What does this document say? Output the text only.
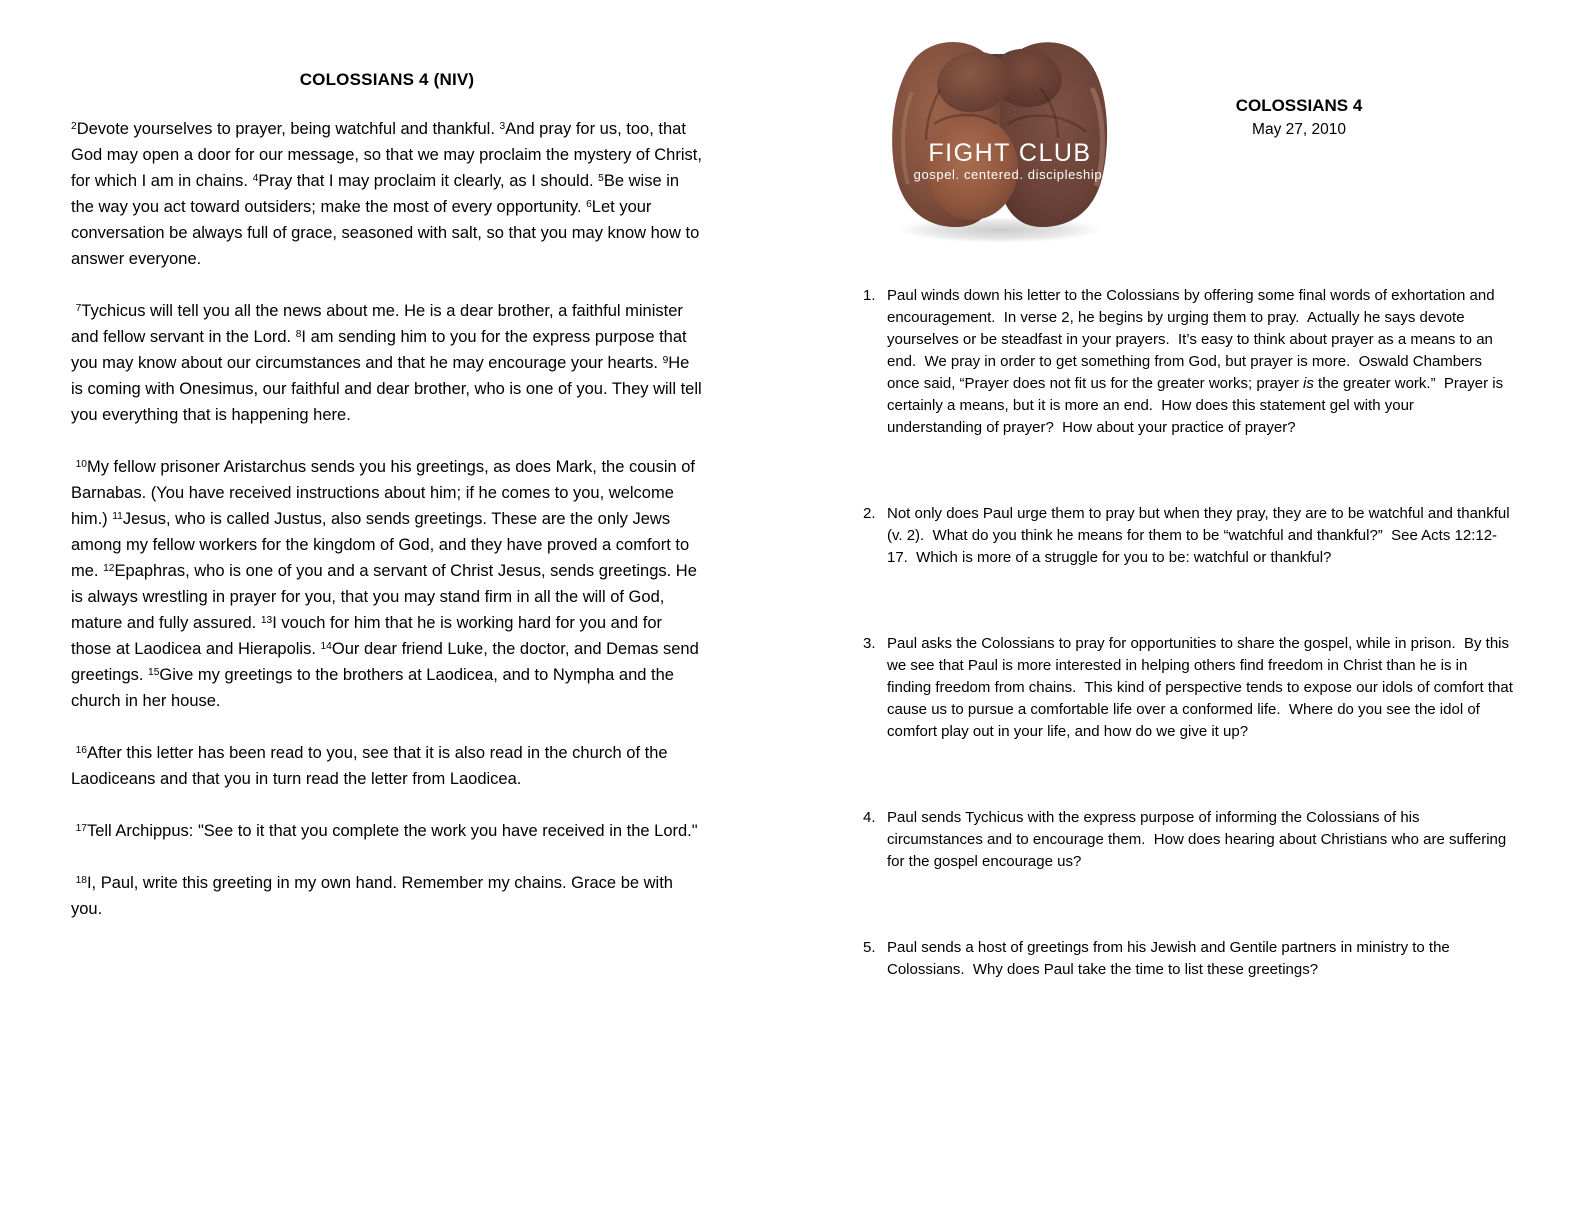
COLOSSIANS 4 (NIV)

$^2$Devote yourselves to prayer, being watchful and thankful. $^3$And pray for us, too, that God may open a door for our message, so that we may proclaim the mystery of Christ, for which I am in chains. $^4$Pray that I may proclaim it clearly, as I should. $^5$Be wise in the way you act toward outsiders; make the most of every opportunity. $^6$Let your conversation be always full of grace, seasoned with salt, so that you may know how to answer everyone.

$^7$Tychicus will tell you all the news about me. He is a dear brother, a faithful minister and fellow servant in the Lord. $^8$I am sending him to you for the express purpose that you may know about our circumstances and that he may encourage your hearts. $^9$He is coming with Onesimus, our faithful and dear brother, who is one of you. They will tell you everything that is happening here.

$^{10}$My fellow prisoner Aristarchus sends you his greetings, as does Mark, the cousin of Barnabas. (You have received instructions about him; if he comes to you, welcome him.) $^{11}$Jesus, who is called Justus, also sends greetings. These are the only Jews among my fellow workers for the kingdom of God, and they have proved a comfort to me. $^{12}$Epaphras, who is one of you and a servant of Christ Jesus, sends greetings. He is always wrestling in prayer for you, that you may stand firm in all the will of God, mature and fully assured. $^{13}$I vouch for him that he is working hard for you and for those at Laodicea and Hierapolis. $^{14}$Our dear friend Luke, the doctor, and Demas send greetings. $^{15}$Give my greetings to the brothers at Laodicea, and to Nympha and the church in her house.

$^{16}$After this letter has been read to you, see that it is also read in the church of the Laodiceans and that you in turn read the letter from Laodicea.

$^{17}$Tell Archippus: "See to it that you complete the work you have received in the Lord."

$^{18}$I, Paul, write this greeting in my own hand. Remember my chains. Grace be with you.

FIGHT CLUB
gospel. centered. discipleship.
COLOSSIANS 4
May 27, 2010
1. Paul winds down his letter to the Colossians by offering some final words of exhortation and encouragement.  In verse 2, he begins by urging them to pray.  Actually he says devote yourselves or be steadfast in your prayers.  It’s easy to think about prayer as a means to an end.  We pray in order to get something from God, but prayer is more.  Oswald Chambers once said, “Prayer does not fit us for the greater works; prayer is the greater work.”  Prayer is certainly a means, but it is more an end.  How does this statement gel with your understanding of prayer?  How about your practice of prayer?
2. Not only does Paul urge them to pray but when they pray, they are to be watchful and thankful (v. 2).  What do you think he means for them to be “watchful and thankful?”  See Acts 12:12-17.  Which is more of a struggle for you to be: watchful or thankful?
3. Paul asks the Colossians to pray for opportunities to share the gospel, while in prison.  By this we see that Paul is more interested in helping others find freedom in Christ than he is in finding freedom from chains.  This kind of perspective tends to expose our idols of comfort that cause us to pursue a comfortable life over a conformed life.  Where do you see the idol of comfort play out in your life, and how do we give it up?
4. Paul sends Tychicus with the express purpose of informing the Colossians of his circumstances and to encourage them.  How does hearing about Christians who are suffering for the gospel encourage us?
5. Paul sends a host of greetings from his Jewish and Gentile partners in ministry to the Colossians.  Why does Paul take the time to list these greetings?
